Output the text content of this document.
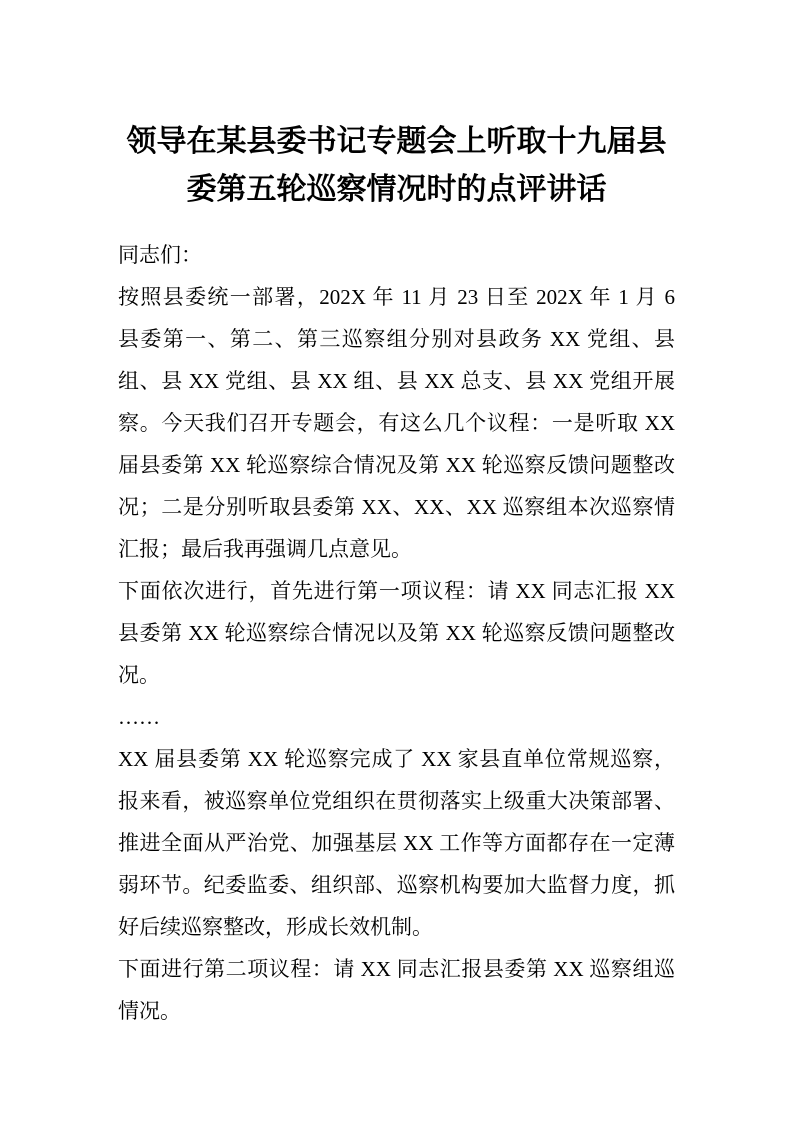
领导在某县委书记专题会上听取十九届县
委第五轮巡察情况时的点评讲话
同志们：
按照县委统一部署，202X 年 11 月 23 日至 202X 年 1 月 6
县委第一、第二、第三巡察组分别对县政务 XX 党组、县
组、县 XX 党组、县 XX 组、县 XX 总支、县 XX 党组开展
察。今天我们召开专题会，有这么几个议程：一是听取 XX
届县委第 XX 轮巡察综合情况及第 XX 轮巡察反馈问题整改
况；二是分别听取县委第 XX、XX、XX 巡察组本次巡察情
汇报；最后我再强调几点意见。
下面依次进行，首先进行第一项议程：请 XX 同志汇报 XX
县委第 XX 轮巡察综合情况以及第 XX 轮巡察反馈问题整改
况。
……
XX 届县委第 XX 轮巡察完成了 XX 家县直单位常规巡察，
报来看，被巡察单位党组织在贯彻落实上级重大决策部署、
推进全面从严治党、加强基层 XX 工作等方面都存在一定薄
弱环节。纪委监委、组织部、巡察机构要加大监督力度，抓
好后续巡察整改，形成长效机制。
下面进行第二项议程：请 XX 同志汇报县委第 XX 巡察组巡
情况。
